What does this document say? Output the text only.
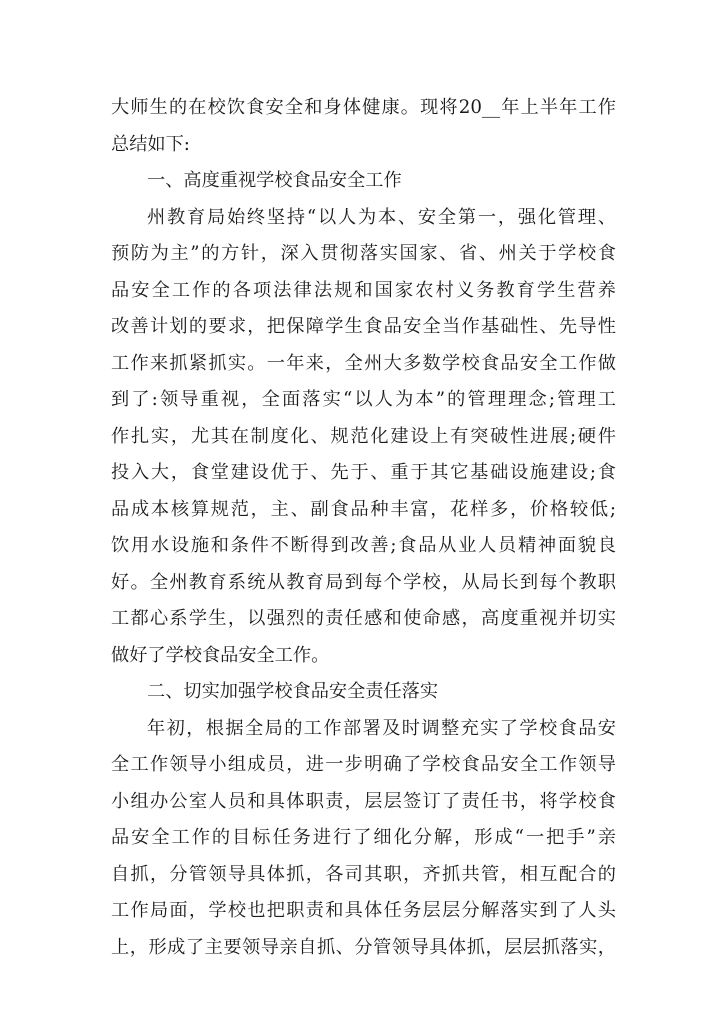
大师生的在校饮食安全和身体健康。现将20__年上半年工作
总结如下:
一、高度重视学校食品安全工作
州教育局始终坚持“以人为本、安全第一，强化管理、
预防为主”的方针，深入贯彻落实国家、省、州关于学校食
品安全工作的各项法律法规和国家农村义务教育学生营养
改善计划的要求，把保障学生食品安全当作基础性、先导性
工作来抓紧抓实。一年来，全州大多数学校食品安全工作做
到了:领导重视，全面落实“以人为本”的管理理念;管理工
作扎实，尤其在制度化、规范化建设上有突破性进展;硬件
投入大，食堂建设优于、先于、重于其它基础设施建设;食
品成本核算规范，主、副食品种丰富，花样多，价格较低;
饮用水设施和条件不断得到改善;食品从业人员精神面貌良
好。全州教育系统从教育局到每个学校，从局长到每个教职
工都心系学生，以强烈的责任感和使命感，高度重视并切实
做好了学校食品安全工作。
二、切实加强学校食品安全责任落实
年初，根据全局的工作部署及时调整充实了学校食品安
全工作领导小组成员，进一步明确了学校食品安全工作领导
小组办公室人员和具体职责，层层签订了责任书，将学校食
品安全工作的目标任务进行了细化分解，形成“一把手”亲
自抓，分管领导具体抓，各司其职，齐抓共管，相互配合的
工作局面，学校也把职责和具体任务层层分解落实到了人头
上，形成了主要领导亲自抓、分管领导具体抓，层层抓落实，
